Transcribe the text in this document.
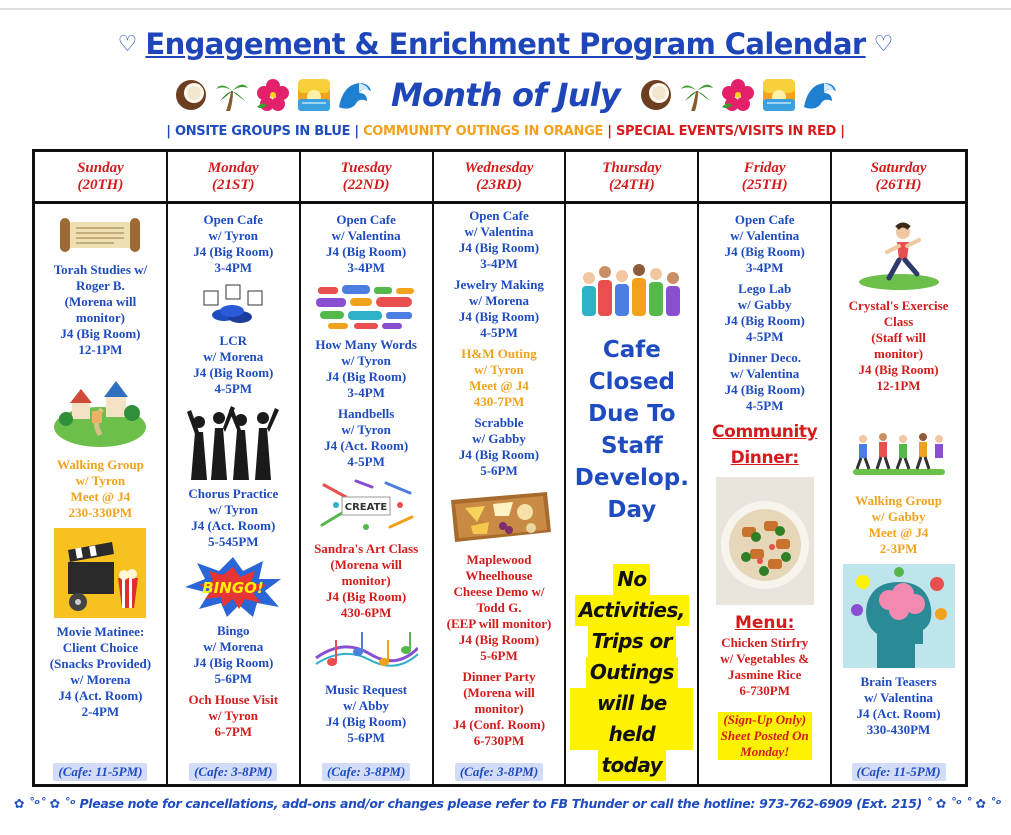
♡ Engagement & Enrichment Program Calendar ♡
Month of July
| ONSITE GROUPS IN BLUE | COMMUNITY OUTINGS IN ORANGE | SPECIAL EVENTS/VISITS IN RED |
Sunday
(20TH)
Monday
(21ST)
Tuesday
(22ND)
Wednesday
(23RD)
Thursday
(24TH)
Friday
(25TH)
Saturday
(26TH)
Torah Studies w/
Roger B.
(Morena will
monitor)
J4 (Big Room)
12-1PM
Walking Group
w/ Tyron
Meet @ J4
230-330PM
Movie Matinee:
Client Choice
(Snacks Provided)
w/ Morena
J4 (Act. Room)
2-4PM
(Cafe: 11-5PM)
Open Cafe
w/ Tyron
J4 (Big Room)
3-4PM
LCR
w/ Morena
J4 (Big Room)
4-5PM
Chorus Practice
w/ Tyron
J4 (Act. Room)
5-545PM
BINGO!
Bingo
w/ Morena
J4 (Big Room)
5-6PM
Och House Visit
w/ Tyron
6-7PM
(Cafe: 3-8PM)
Open Cafe
w/ Valentina
J4 (Big Room)
3-4PM
How Many Words
w/ Tyron
J4 (Big Room)
3-4PM
Handbells
w/ Tyron
J4 (Act. Room)
4-5PM
CREATE
Sandra's Art Class
(Morena will
monitor)
J4 (Big Room)
430-6PM
Music Request
w/ Abby
J4 (Big Room)
5-6PM
(Cafe: 3-8PM)
Open Cafe
w/ Valentina
J4 (Big Room)
3-4PM
Jewelry Making
w/ Morena
J4 (Big Room)
4-5PM
H&M Outing
w/ Tyron
Meet @ J4
430-7PM
Scrabble
w/ Gabby
J4 (Big Room)
5-6PM
Maplewood
Wheelhouse
Cheese Demo w/
Todd G.
(EEP will monitor)
J4 (Big Room)
5-6PM
Dinner Party
(Morena will
monitor)
J4 (Conf. Room)
6-730PM
(Cafe: 3-8PM)
Cafe
Closed
Due To
Staff
Develop.
Day
No
Activities,
Trips or
Outings
will be held
today
Open Cafe
w/ Valentina
J4 (Big Room)
3-4PM
Lego Lab
w/ Gabby
J4 (Big Room)
4-5PM
Dinner Deco.
w/ Valentina
J4 (Big Room)
4-5PM
Community
Dinner:
Menu:
Chicken Stirfry
w/ Vegetables &
Jasmine Rice
6-730PM
(Sign-Up Only)
Sheet Posted On
Monday!
Crystal's Exercise
Class
(Staff will
monitor)
J4 (Big Room)
12-1PM
Walking Group
w/ Gabby
Meet @ J4
2-3PM
Brain Teasers
w/ Valentina
J4 (Act. Room)
330-430PM
(Cafe: 11-5PM)
✿ ˚ᵒ˚ ✿ ˚ᵒ Please note for cancellations, add-ons and/or changes please refer to FB Thunder or call the hotline: 973-762-6909 (Ext. 215) ˚ ✿ ˚ᵒ ˚ ✿ ˚ᵒ
